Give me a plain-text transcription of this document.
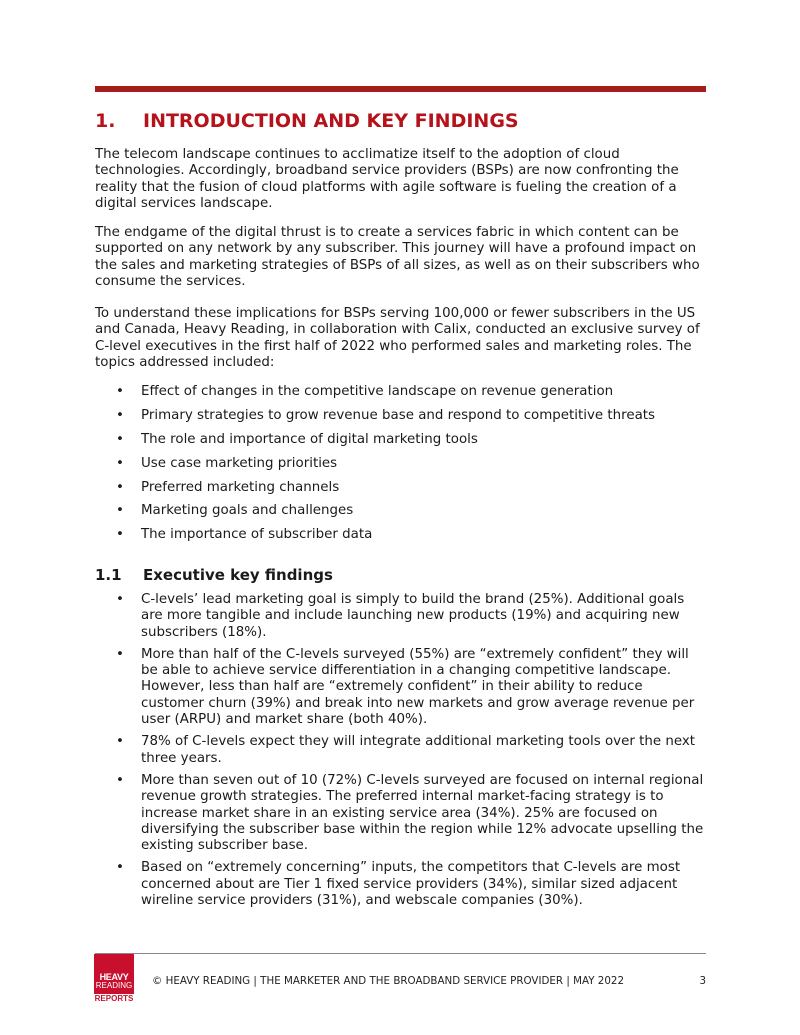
1. INTRODUCTION AND KEY FINDINGS

The telecom landscape continues to acclimatize itself to the adoption of cloud technologies. Accordingly, broadband service providers (BSPs) are now confronting the reality that the fusion of cloud platforms with agile software is fueling the creation of a digital services landscape.

The endgame of the digital thrust is to create a services fabric in which content can be supported on any network by any subscriber. This journey will have a profound impact on the sales and marketing strategies of BSPs of all sizes, as well as on their subscribers who consume the services.

To understand these implications for BSPs serving 100,000 or fewer subscribers in the US and Canada, Heavy Reading, in collaboration with Calix, conducted an exclusive survey of C-level executives in the first half of 2022 who performed sales and marketing roles. The topics addressed included:

• Effect of changes in the competitive landscape on revenue generation
• Primary strategies to grow revenue base and respond to competitive threats
• The role and importance of digital marketing tools
• Use case marketing priorities
• Preferred marketing channels
• Marketing goals and challenges
• The importance of subscriber data
1.1 Executive key findings
• C-levels’ lead marketing goal is simply to build the brand (25%). Additional goals are more tangible and include launching new products (19%) and acquiring new subscribers (18%).
• More than half of the C-levels surveyed (55%) are “extremely confident” they will be able to achieve service differentiation in a changing competitive landscape. However, less than half are “extremely confident” in their ability to reduce customer churn (39%) and break into new markets and grow average revenue per user (ARPU) and market share (both 40%).
• 78% of C-levels expect they will integrate additional marketing tools over the next three years.
• More than seven out of 10 (72%) C-levels surveyed are focused on internal regional revenue growth strategies. The preferred internal market-facing strategy is to increase market share in an existing service area (34%). 25% are focused on diversifying the subscriber base within the region while 12% advocate upselling the existing subscriber base.
• Based on “extremely concerning” inputs, the competitors that C-levels are most concerned about are Tier 1 fixed service providers (34%), similar sized adjacent wireline service providers (31%), and webscale companies (30%).
HEAVY
READING
REPORTS
© HEAVY READING | THE MARKETER AND THE BROADBAND SERVICE PROVIDER | MAY 2022	3
